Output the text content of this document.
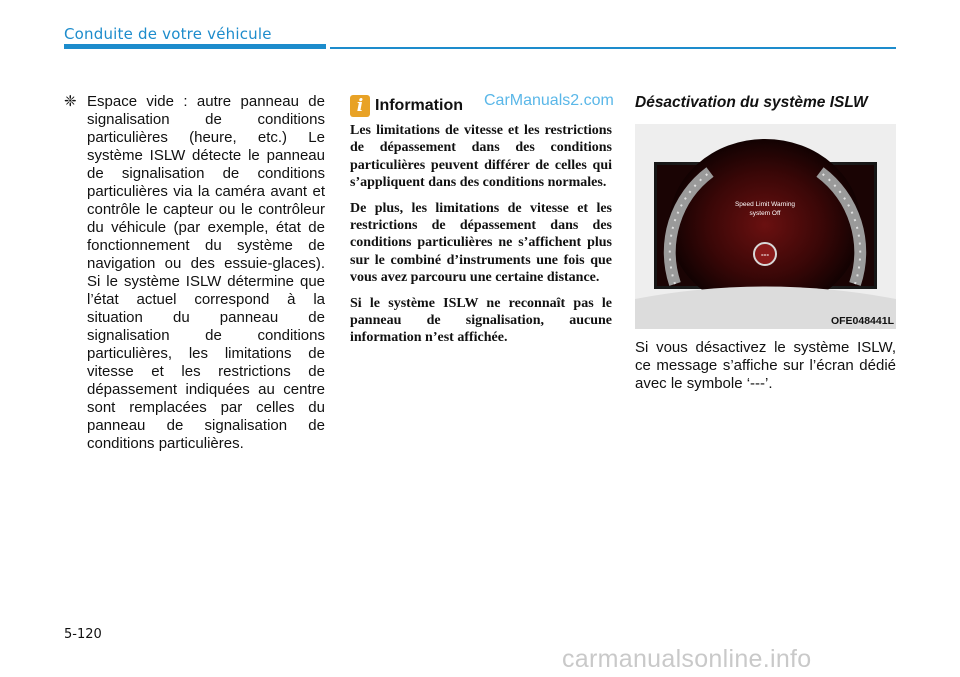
Conduite de votre véhicule

❈ Espace vide : autre panneau de signalisation de conditions particulières (heure, etc.) Le système ISLW détecte le panneau de signalisation de conditions particulières via la caméra avant et contrôle le capteur ou le contrôleur du véhicule (par exemple, état de fonctionnement du système de navigation ou des essuie-glaces). Si le système ISLW détermine que l’état actuel correspond à la situation du panneau de signalisation de conditions particulières, les limitations de vitesse et les restrictions de dépassement indiquées au centre sont remplacées par celles du panneau de signalisation de conditions particulières.

i Information CarManuals2.com

Les limitations de vitesse et les restrictions de dépassement dans des conditions particulières peuvent différer de celles qui s’appliquent dans des conditions normales.

De plus, les limitations de vitesse et les restrictions de dépassement dans des conditions particulières ne s’affichent plus sur le combiné d’instruments une fois que vous avez parcouru une certaine distance.

Si le système ISLW ne reconnaît pas le panneau de signalisation, aucune information n’est affichée.

Désactivation du système ISLW
Speed Limit Warning
system Off
---
OFE048441L

Si vous désactivez le système ISLW, ce message s’affiche sur l’écran dédié avec le symbole ‘---’.

5-120
carmanualsonline.info
